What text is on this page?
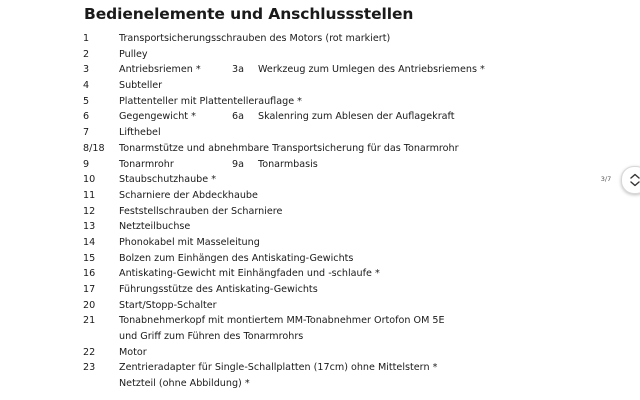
Bedienelemente und Anschlussstellen
1	Transportsicherungsschrauben des Motors (rot markiert)
2	Pulley
3	Antriebsriemen *	3a Werkzeug zum Umlegen des Antriebsriemens *
4	Subteller
5	Plattenteller mit Plattentellerauflage *
6	Gegengewicht *	6a Skalenring zum Ablesen der Auflagekraft
7	Lifthebel
8/18 Tonarmstütze und abnehmbare Transportsicherung für das Tonarmrohr
9	Tonarmrohr	9a Tonarmbasis
10 Staubschutzhaube *
11 Scharniere der Abdeckhaube
12 Feststellschrauben der Scharniere
13 Netzteilbuchse
14 Phonokabel mit Masseleitung
15 Bolzen zum Einhängen des Antiskating-Gewichts
16 Antiskating-Gewicht mit Einhängfaden und -schlaufe *
17 Führungsstütze des Antiskating-Gewichts
20 Start/Stopp-Schalter
21 Tonabnehmerkopf mit montiertem MM-Tonabnehmer Ortofon OM 5E
und Griff zum Führen des Tonarmrohrs
22 Motor
23 Zentrieradapter für Single-Schallplatten (17cm) ohne Mittelstern *
Netzteil (ohne Abbildung) *
3/7
